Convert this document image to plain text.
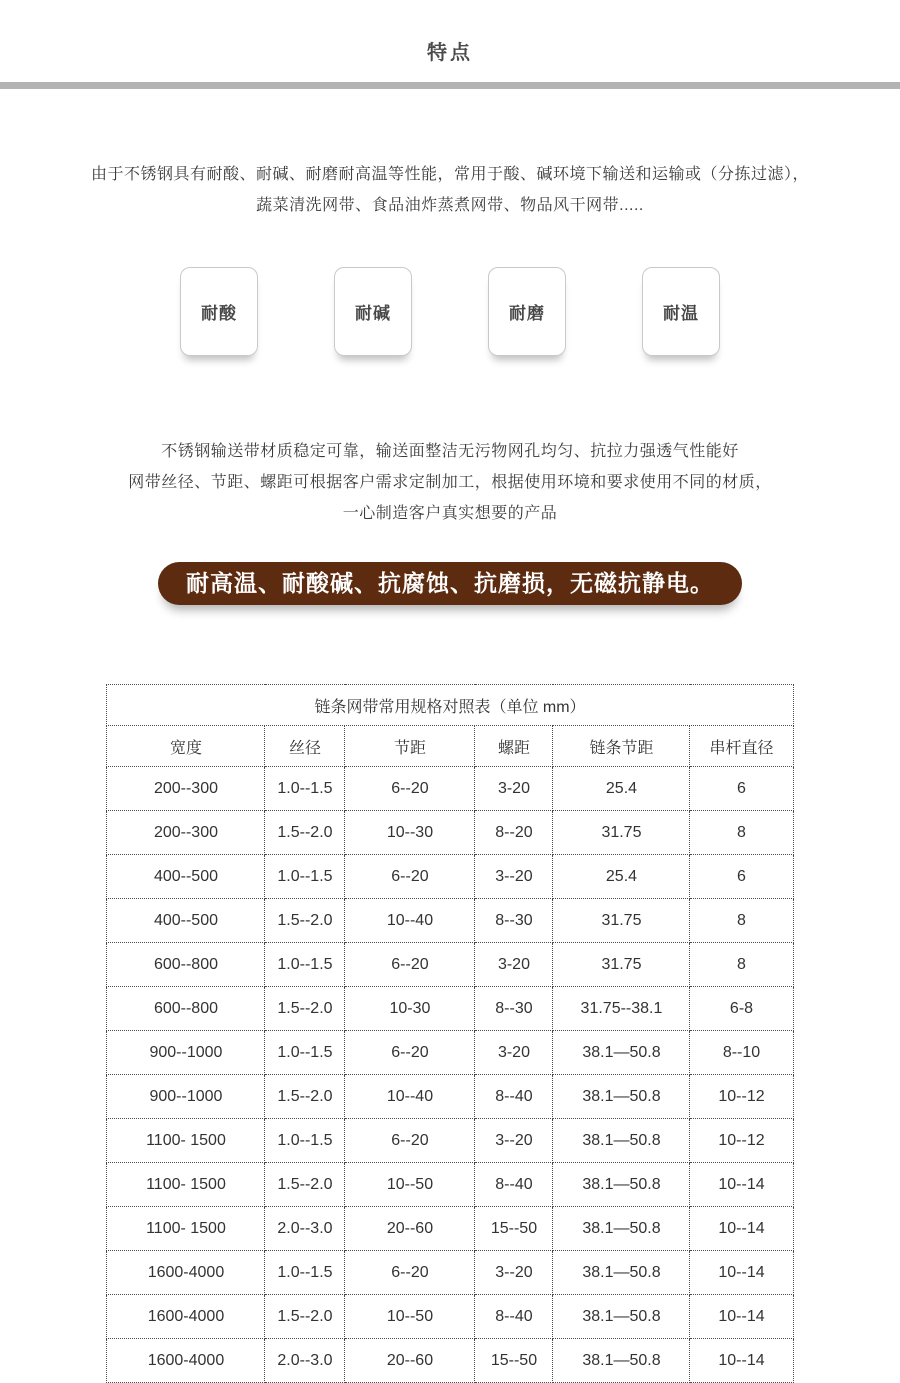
特点

由于不锈钢具有耐酸、耐碱、耐磨耐高温等性能，常用于酸、碱环境下输送和运输或（分拣过滤），
蔬菜清洗网带、食品油炸蒸煮网带、物品风干网带.....

耐酸	耐碱	耐磨	耐温

不锈钢输送带材质稳定可靠，输送面整洁无污物网孔均匀、抗拉力强透气性能好
网带丝径、节距、螺距可根据客户需求定制加工，根据使用环境和要求使用不同的材质，
一心制造客户真实想要的产品

耐高温、耐酸碱、抗腐蚀、抗磨损，无磁抗静电。
链条网带常用规格对照表（单位 mm）					
宽度	丝径	节距	螺距	链条节距	串杆直径
200--300	1.0--1.5	6--20	3-20	25.4	6
200--300	1.5--2.0	10--30	8--20	31.75	8
400--500	1.0--1.5	6--20	3--20	25.4	6
400--500	1.5--2.0	10--40	8--30	31.75	8
600--800	1.0--1.5	6--20	3-20	31.75	8
600--800	1.5--2.0	10-30	8--30	31.75--38.1	6-8
900--1000	1.0--1.5	6--20	3-20	38.1—50.8	8--10
900--1000	1.5--2.0	10--40	8--40	38.1—50.8	10--12
1100- 1500	1.0--1.5	6--20	3--20	38.1—50.8	10--12
1100- 1500	1.5--2.0	10--50	8--40	38.1—50.8	10--14
1100- 1500	2.0--3.0	20--60	15--50	38.1—50.8	10--14
1600-4000	1.0--1.5	6--20	3--20	38.1—50.8	10--14
1600-4000	1.5--2.0	10--50	8--40	38.1—50.8	10--14
1600-4000	2.0--3.0	20--60	15--50	38.1—50.8	10--14
